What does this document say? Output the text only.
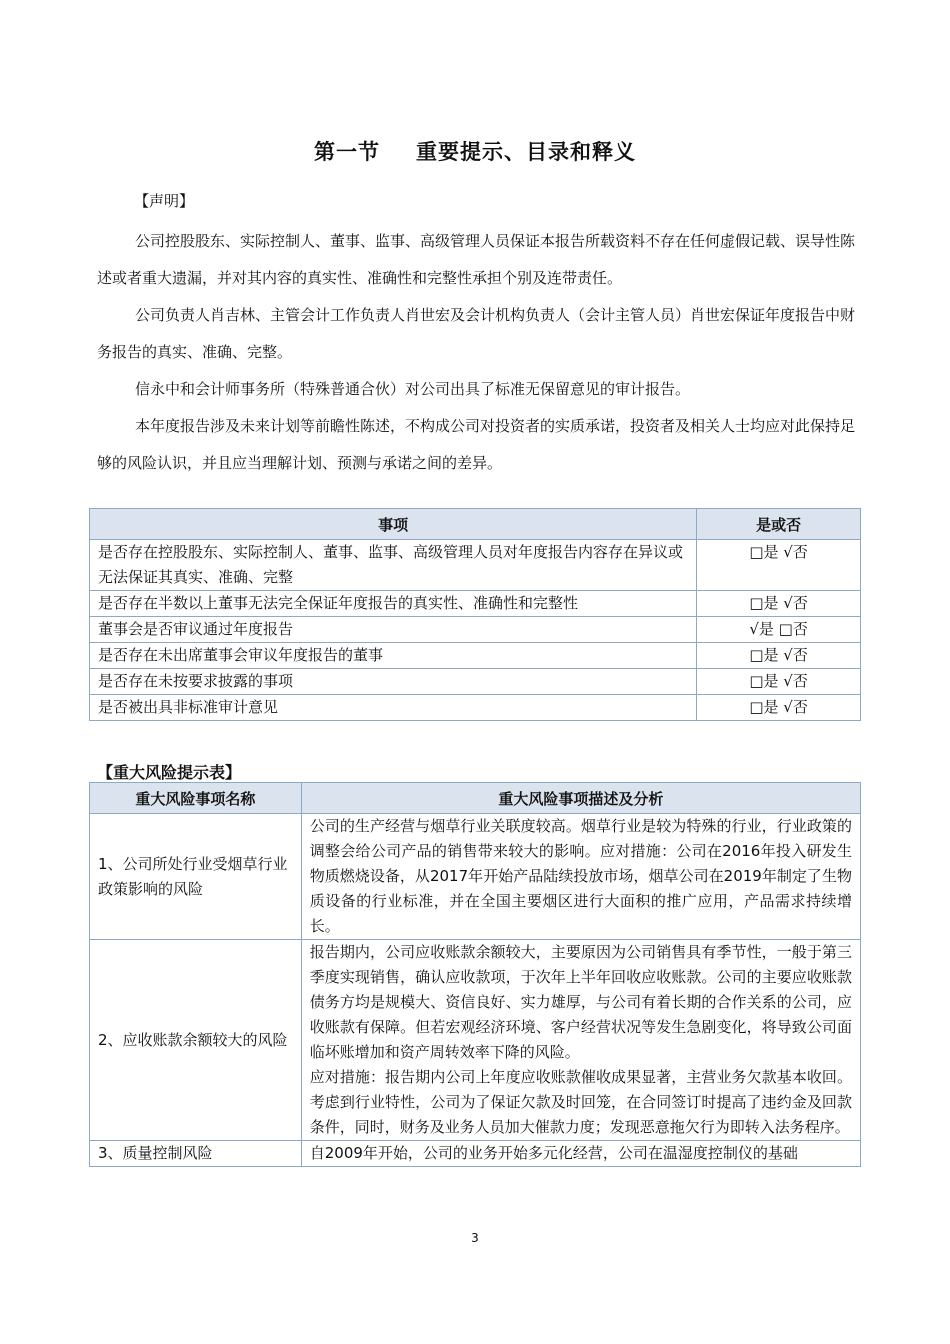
第一节 重要提示、目录和释义
【声明】

公司控股股东、实际控制人、董事、监事、高级管理人员保证本报告所载资料不存在任何虚假记载、误导性陈述或者重大遗漏，并对其内容的真实性、准确性和完整性承担个别及连带责任。

公司负责人肖吉林、主管会计工作负责人肖世宏及会计机构负责人（会计主管人员）肖世宏保证年度报告中财务报告的真实、准确、完整。

信永中和会计师事务所（特殊普通合伙）对公司出具了标准无保留意见的审计报告。

本年度报告涉及未来计划等前瞻性陈述，不构成公司对投资者的实质承诺，投资者及相关人士均应对此保持足够的风险认识，并且应当理解计划、预测与承诺之间的差异。

事项	是或否
是否存在控股股东、实际控制人、董事、监事、高级管理人员对年度报告内容存在异议或无法保证其真实、准确、完整	□是 √否
是否存在半数以上董事无法完全保证年度报告的真实性、准确性和完整性	□是 √否
董事会是否审议通过年度报告	√是 □否
是否存在未出席董事会审议年度报告的董事	□是 √否
是否存在未按要求披露的事项	□是 √否
是否被出具非标准审计意见	□是 √否
【重大风险提示表】
重大风险事项名称	重大风险事项描述及分析
1、公司所处行业受烟草行业政策影响的风险	公司的生产经营与烟草行业关联度较高。烟草行业是较为特殊的行业，行业政策的调整会给公司产品的销售带来较大的影响。应对措施：公司在2016年投入研发生物质燃烧设备，从2017年开始产品陆续投放市场，烟草公司在2019年制定了生物质设备的行业标准，并在全国主要烟区进行大面积的推广应用，产品需求持续增长。

2、应收账款余额较大的风险	报告期内，公司应收账款余额较大，主要原因为公司销售具有季节性，一般于第三季度实现销售，确认应收款项，于次年上半年回收应收账款。公司的主要应收账款债务方均是规模大、资信良好、实力雄厚，与公司有着长期的合作关系的公司，应收账款有保障。但若宏观经济环境、客户经营状况等发生急剧变化，将导致公司面临坏账增加和资产周转效率下降的风险。
应对措施：报告期内公司上年度应收账款催收成果显著，主营业务欠款基本收回。考虑到行业特性，公司为了保证欠款及时回笼，在合同签订时提高了违约金及回款条件，同时，财务及业务人员加大催款力度；发现恶意拖欠行为即转入法务程序。

3、质量控制风险	自2009年开始，公司的业务开始多元化经营，公司在温湿度控制仪的基础
3
